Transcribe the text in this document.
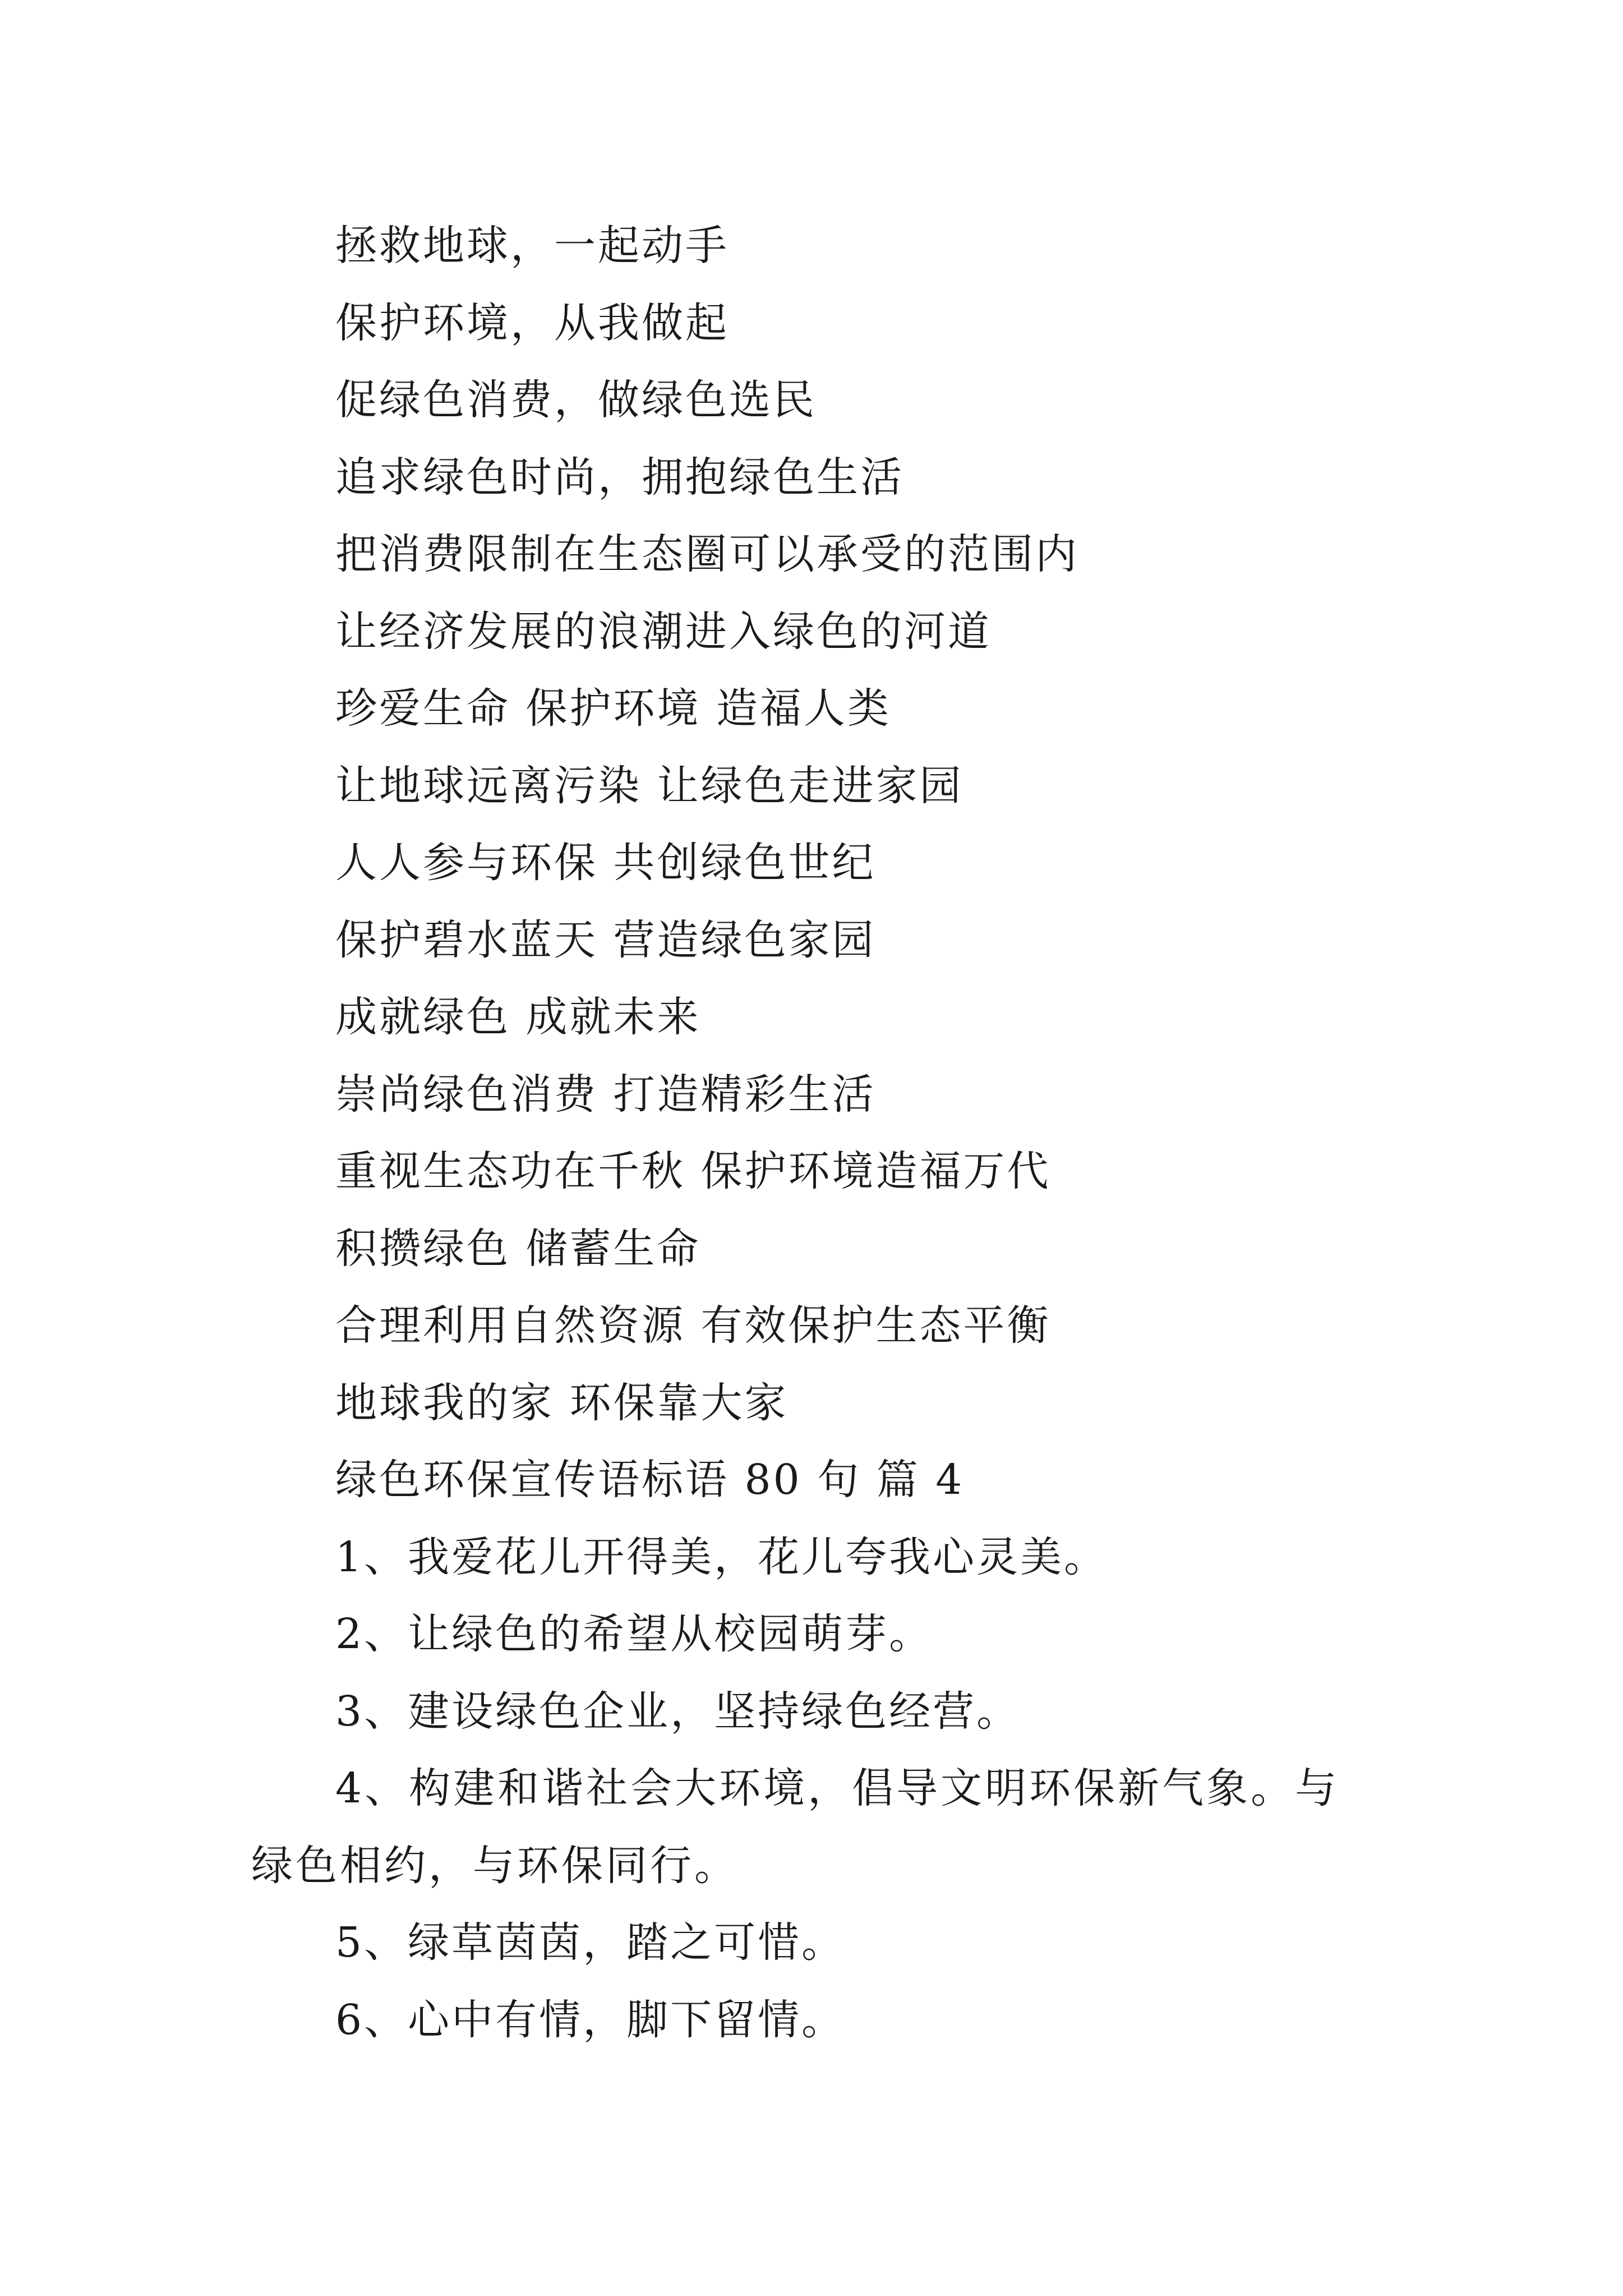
拯救地球，一起动手
保护环境，从我做起
促绿色消费，做绿色选民
追求绿色时尚，拥抱绿色生活
把消费限制在生态圈可以承受的范围内
让经济发展的浪潮进入绿色的河道
珍爱生命 保护环境 造福人类
让地球远离污染 让绿色走进家园
人人参与环保 共创绿色世纪
保护碧水蓝天 营造绿色家园
成就绿色 成就未来
崇尚绿色消费 打造精彩生活
重视生态功在千秋 保护环境造福万代
积攒绿色 储蓄生命
合理利用自然资源 有效保护生态平衡
地球我的家 环保靠大家
绿色环保宣传语标语 80 句 篇 4
1、我爱花儿开得美，花儿夸我心灵美。
2、让绿色的希望从校园萌芽。
3、建设绿色企业，坚持绿色经营。
4、构建和谐社会大环境，倡导文明环保新气象。与绿色相约，与环保同行。
5、绿草茵茵，踏之可惜。
6、心中有情，脚下留情。
